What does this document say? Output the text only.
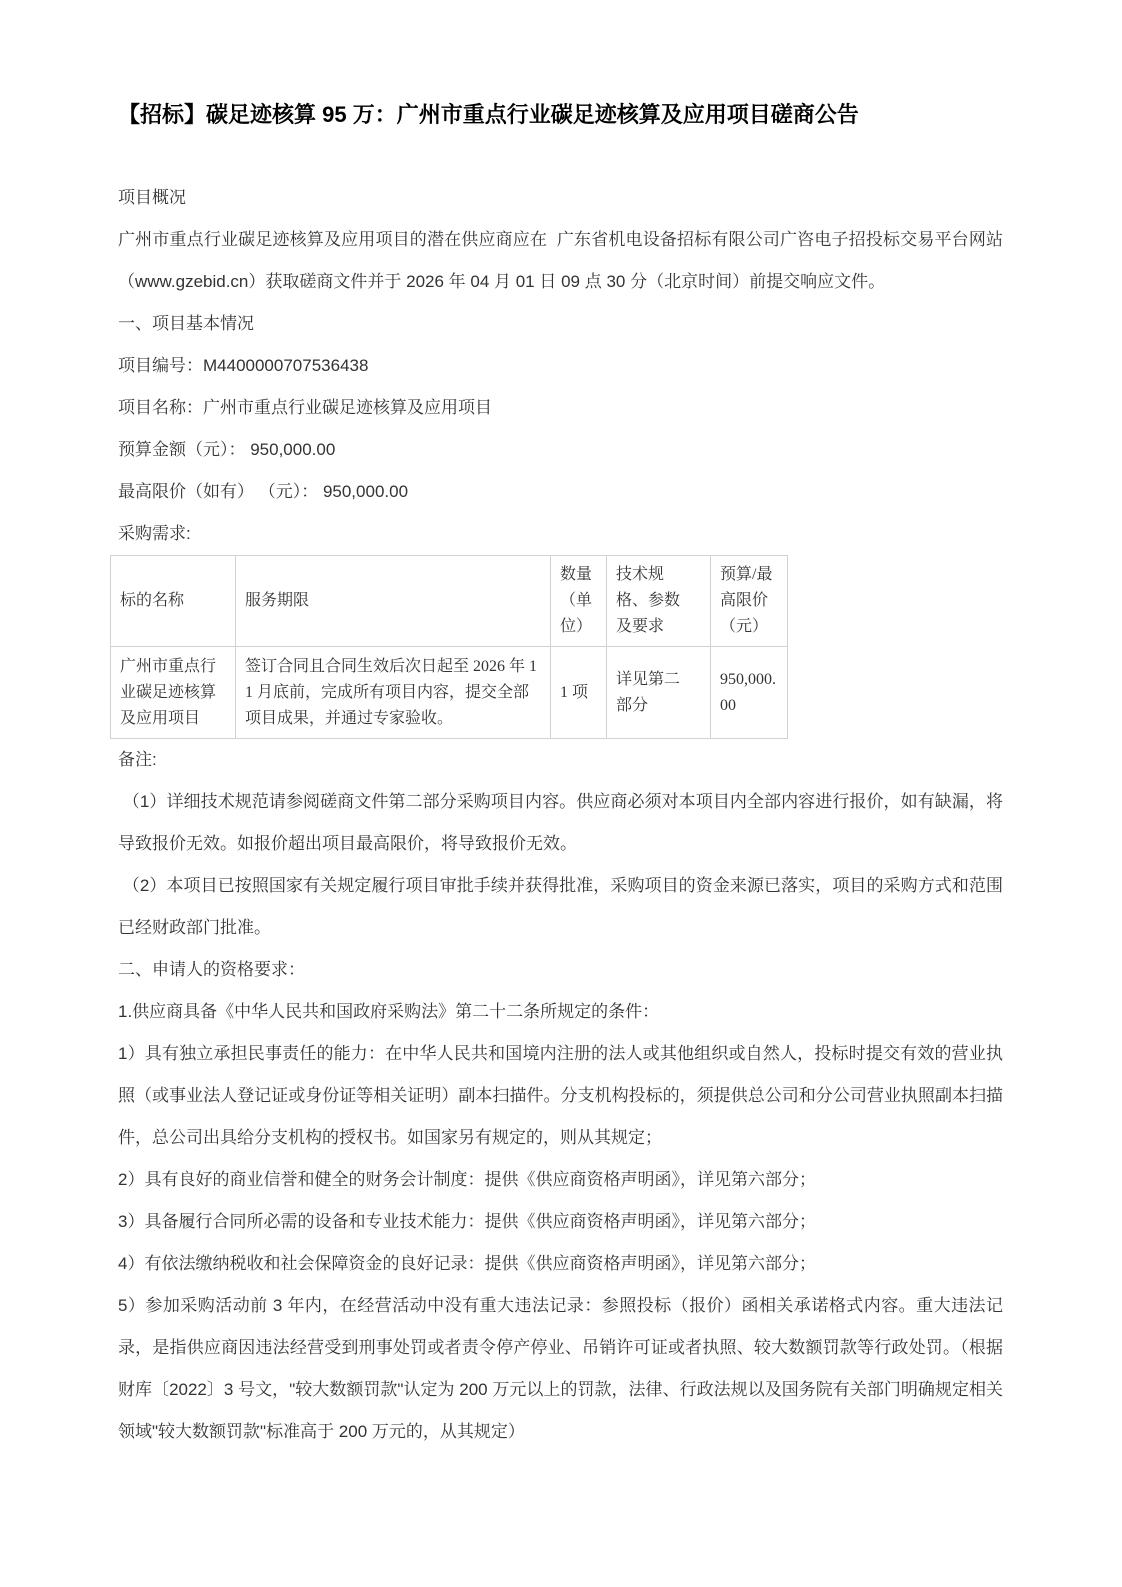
【招标】碳足迹核算 95 万：广州市重点行业碳足迹核算及应用项目磋商公告

项目概况

广州市重点行业碳足迹核算及应用项目的潜在供应商应在  广东省机电设备招标有限公司广咨电子招投标交易平台网站（www.gzebid.cn）获取磋商文件并于 2026 年 04 月 01 日 09 点 30 分（北京时间）前提交响应文件。

一、项目基本情况

项目编号：M4400000707536438

项目名称：广州市重点行业碳足迹核算及应用项目

预算金额（元）： 950,000.00

最高限价（如有） （元）： 950,000.00

采购需求:

标的名称	服务期限	数量（单位）	技术规格、参数及要求	预算/最高限价（元）
广州市重点行业碳足迹核算及应用项目	签订合同且合同生效后次日起至 2026 年 11 月底前，完成所有项目内容，提交全部项目成果，并通过专家验收。	1 项	详见第二部分	950,000.00

备注:

（1）详细技术规范请参阅磋商文件第二部分采购项目内容。供应商必须对本项目内全部内容进行报价，如有缺漏，将导致报价无效。如报价超出项目最高限价，将导致报价无效。

（2）本项目已按照国家有关规定履行项目审批手续并获得批准，采购项目的资金来源已落实，项目的采购方式和范围已经财政部门批准。

二、申请人的资格要求：

1.供应商具备《中华人民共和国政府采购法》第二十二条所规定的条件：

1）具有独立承担民事责任的能力：在中华人民共和国境内注册的法人或其他组织或自然人，投标时提交有效的营业执照（或事业法人登记证或身份证等相关证明）副本扫描件。分支机构投标的，须提供总公司和分公司营业执照副本扫描件，总公司出具给分支机构的授权书。如国家另有规定的，则从其规定；

2）具有良好的商业信誉和健全的财务会计制度：提供《供应商资格声明函》，详见第六部分；

3）具备履行合同所必需的设备和专业技术能力：提供《供应商资格声明函》，详见第六部分；

4）有依法缴纳税收和社会保障资金的良好记录：提供《供应商资格声明函》，详见第六部分；

5）参加采购活动前 3 年内，在经营活动中没有重大违法记录：参照投标（报价）函相关承诺格式内容。重大违法记录，是指供应商因违法经营受到刑事处罚或者责令停产停业、吊销许可证或者执照、较大数额罚款等行政处罚。（根据财库〔2022〕3 号文，"较大数额罚款"认定为 200 万元以上的罚款，法律、行政法规以及国务院有关部门明确规定相关领域"较大数额罚款"标准高于 200 万元的，从其规定）
